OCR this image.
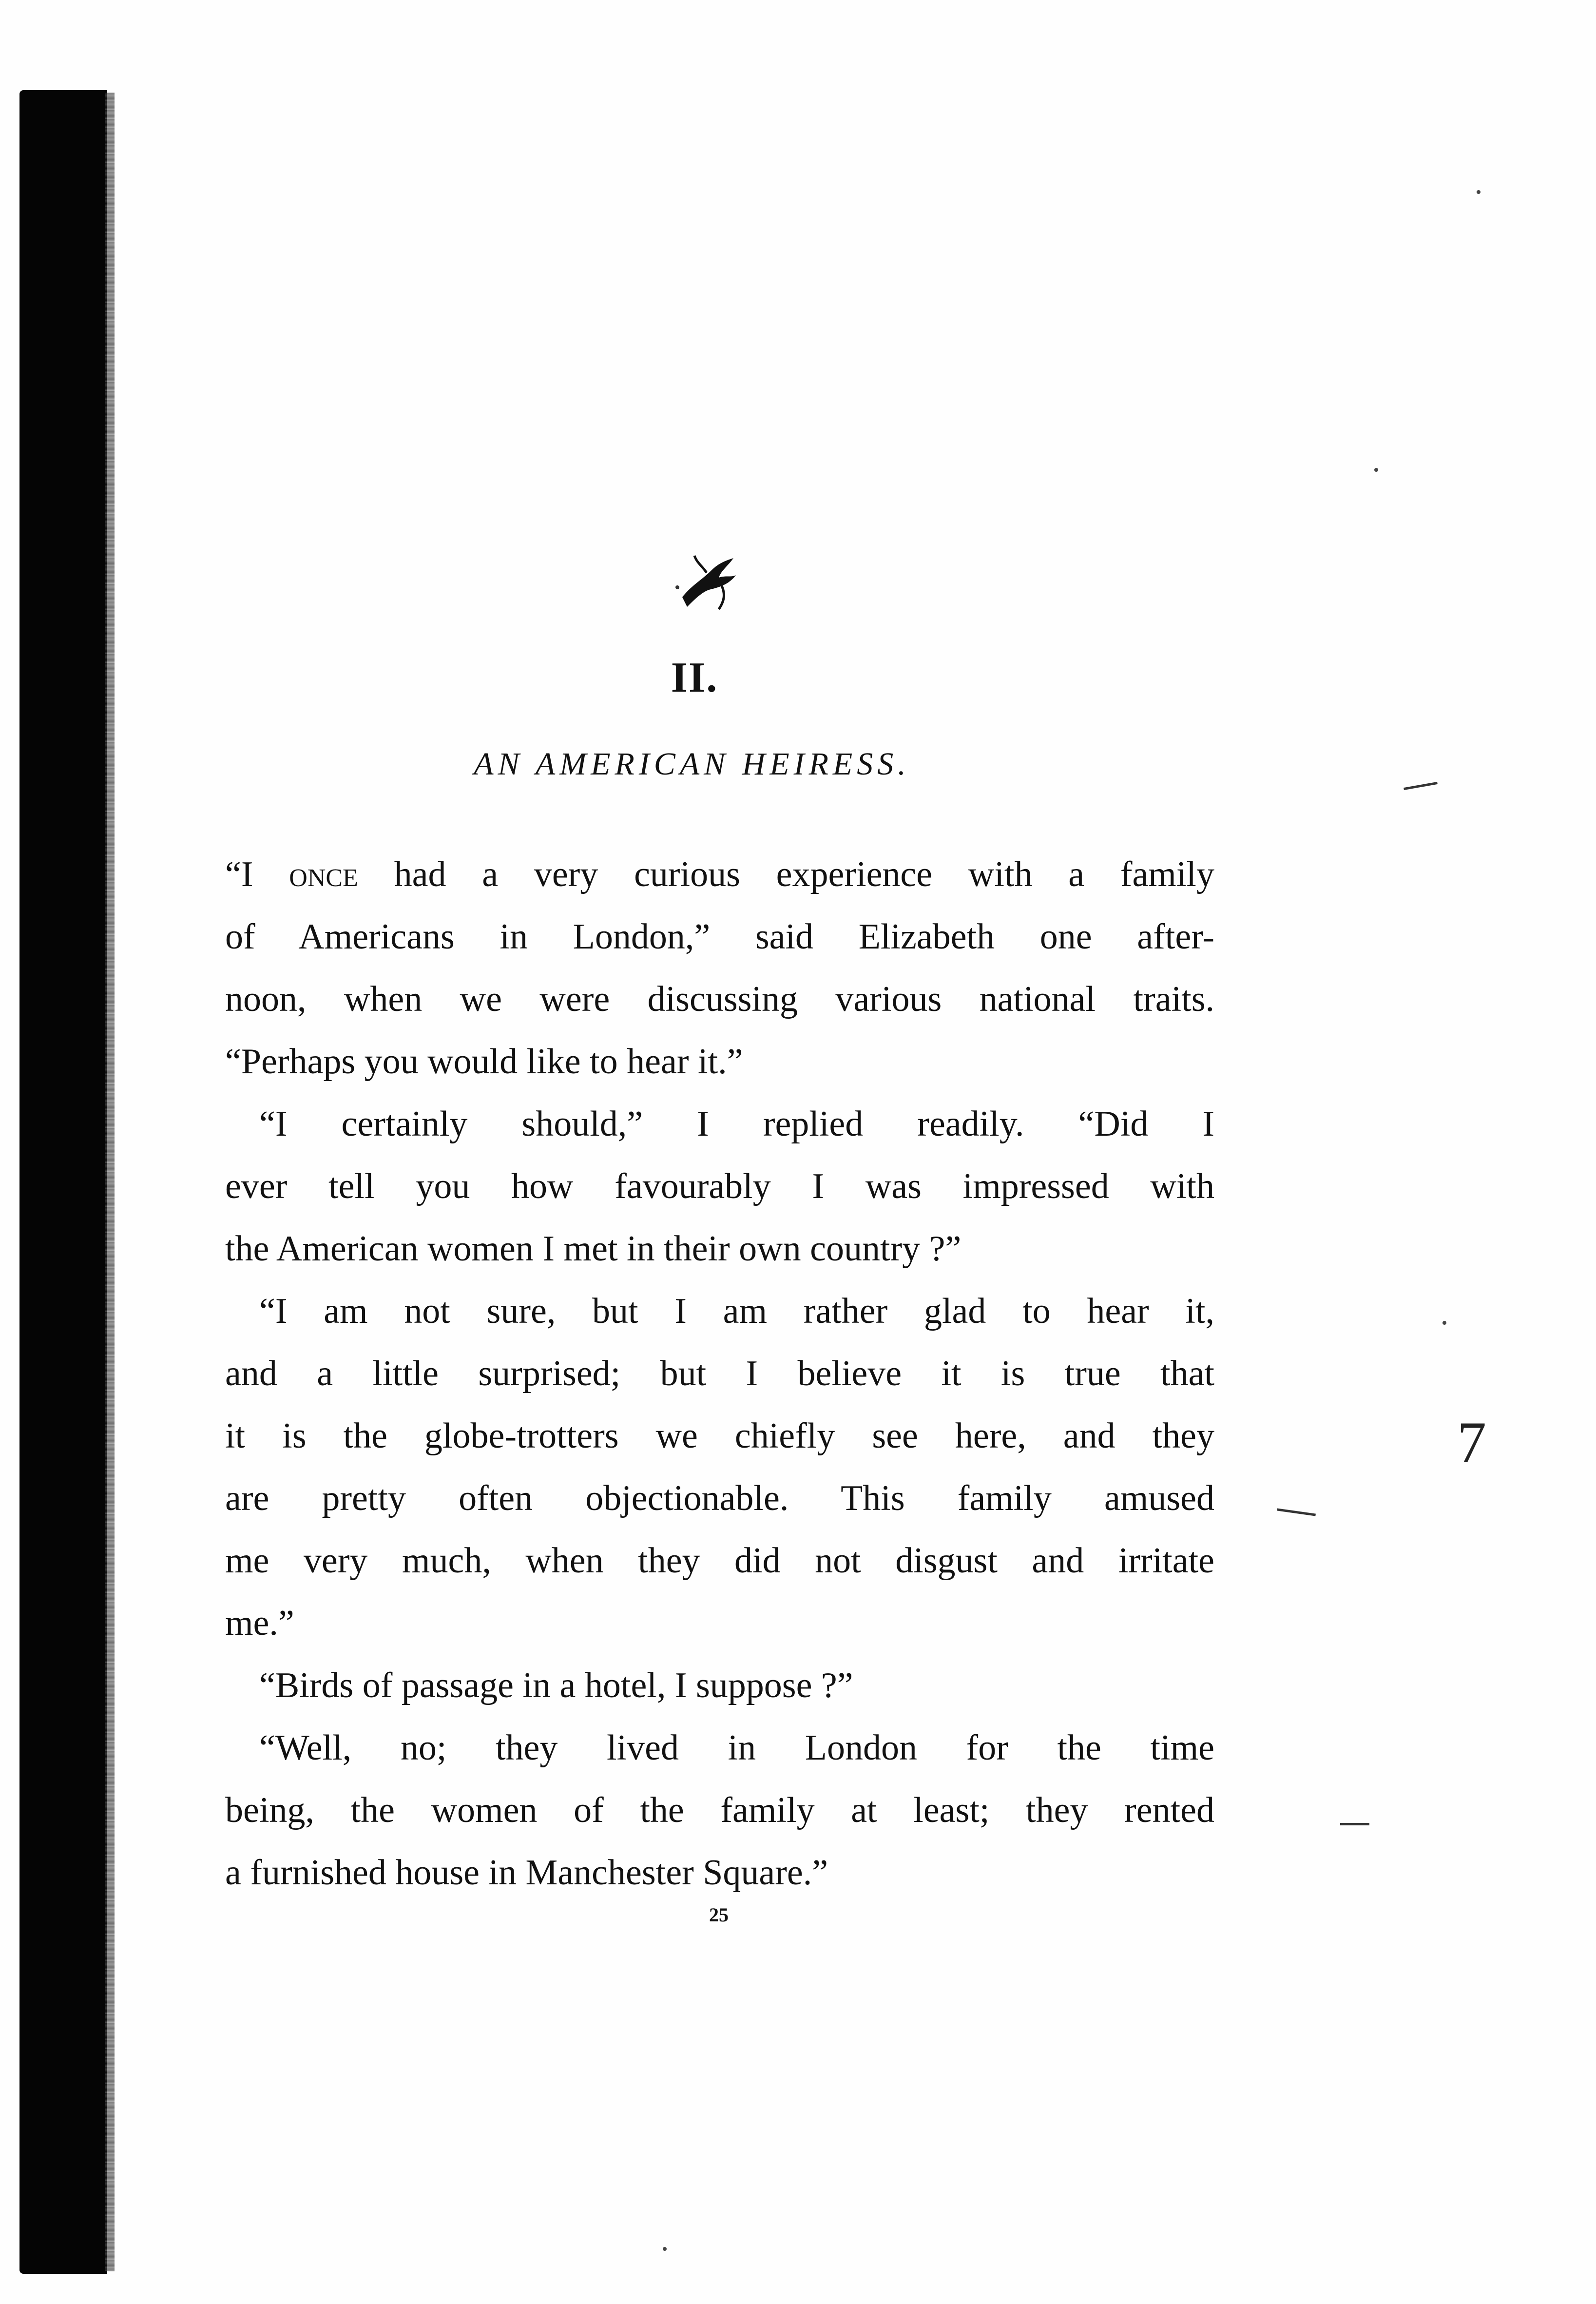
II.
AN AMERICAN HEIRESS.
“I once had a very curious experience with a family
of Americans in London,” said Elizabeth one after-
noon, when we were discussing various national traits.
“Perhaps you would like to hear it.”
“I certainly should,” I replied readily. “Did I
ever tell you how favourably I was impressed with
the American women I met in their own country ?”
“I am not sure, but I am rather glad to hear it,
and a little surprised; but I believe it is true that
it is the globe-trotters we chiefly see here, and they
are pretty often objectionable. This family amused
me very much, when they did not disgust and irritate
me.”
“Birds of passage in a hotel, I suppose ?”
“Well, no; they lived in London for the time
being, the women of the family at least; they rented
a furnished house in Manchester Square.”
25
7
